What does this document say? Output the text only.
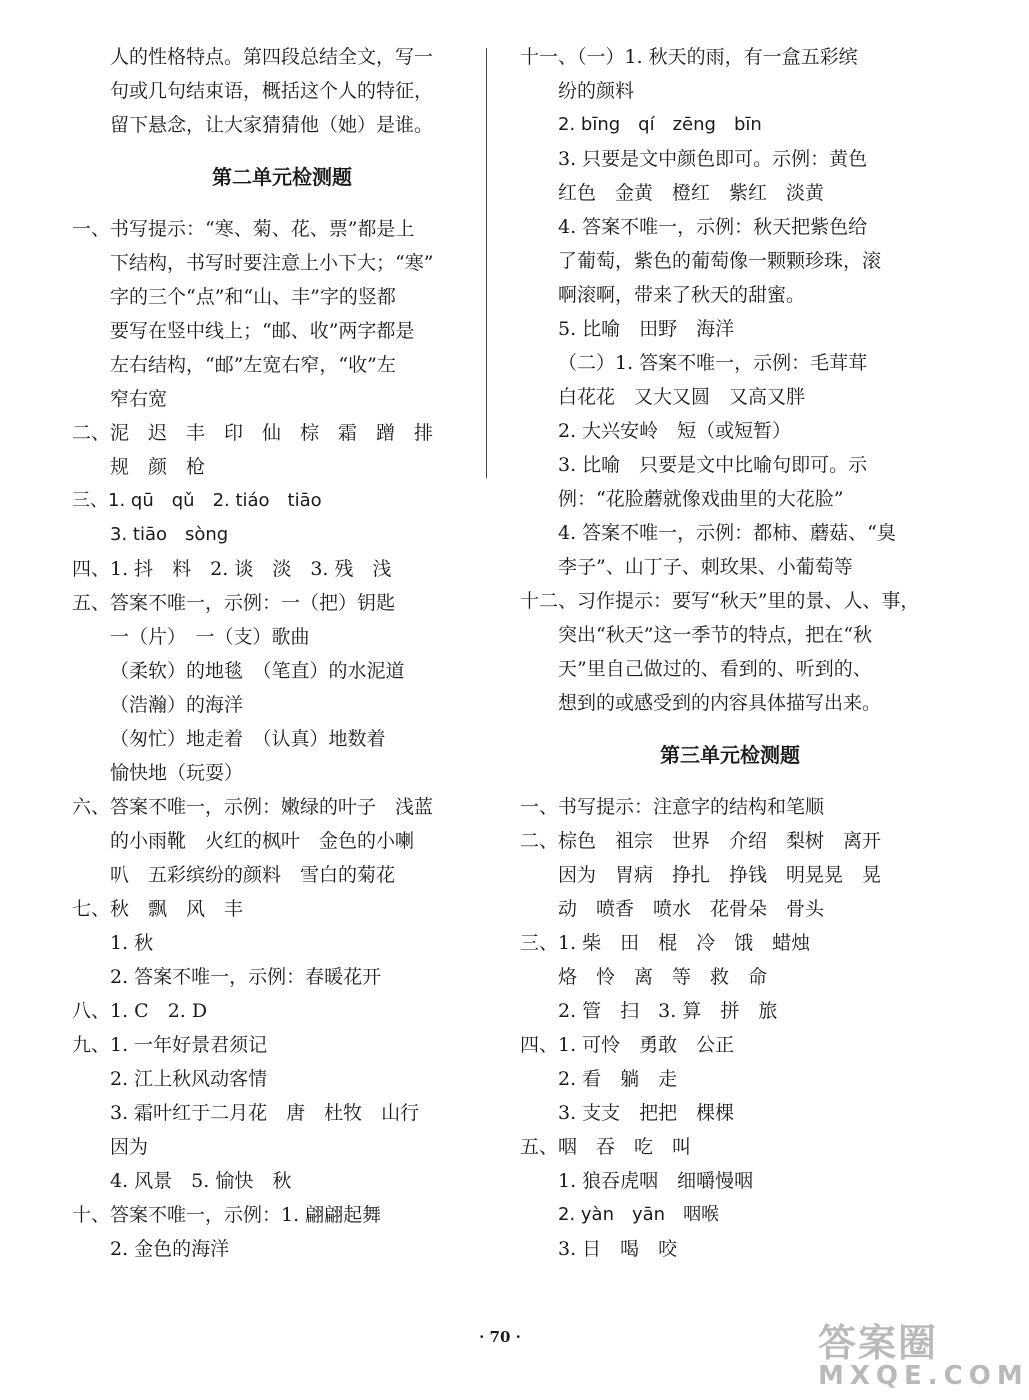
人的性格特点。第四段总结全文，写一
句或几句结束语，概括这个人的特征，
留下悬念，让大家猜猜他（她）是谁。
第二单元检测题
一、书写提示：“寒、菊、花、票”都是上
下结构，书写时要注意上小下大；“寒”
字的三个“点”和“山、丰”字的竖都
要写在竖中线上；“邮、收”两字都是
左右结构，“邮”左宽右窄，“收”左
窄右宽
二、泥　迟　丰　印　仙　棕　霜　蹭　排
规　颜　枪
三、1. qū　qǔ　2. tiáo　tiāo
3. tiāo　sòng
四、1. 抖　料　2. 谈　淡　3. 残　浅
五、答案不唯一，示例：一（把）钥匙
一（片）　一（支）歌曲
（柔软）的地毯　（笔直）的水泥道
（浩瀚）的海洋
（匆忙）地走着　（认真）地数着
愉快地（玩耍）
六、答案不唯一，示例：嫩绿的叶子　浅蓝
的小雨靴　火红的枫叶　金色的小喇
叭　五彩缤纷的颜料　雪白的菊花
七、秋　飘　风　丰
1. 秋
2. 答案不唯一，示例：春暖花开
八、1. C　2. D
九、1. 一年好景君须记
2. 江上秋风动客情
3. 霜叶红于二月花　唐　杜牧　山行
因为
4. 风景　5. 愉快　秋
十、答案不唯一，示例：1. 翩翩起舞
2. 金色的海洋
十一、（一）1. 秋天的雨，有一盒五彩缤
纷的颜料
2. bīng　qí　zēng　bīn
3. 只要是文中颜色即可。示例：黄色
红色　金黄　橙红　紫红　淡黄
4. 答案不唯一，示例：秋天把紫色给
了葡萄，紫色的葡萄像一颗颗珍珠，滚
啊滚啊，带来了秋天的甜蜜。
5. 比喻　田野　海洋
（二）1. 答案不唯一，示例：毛茸茸
白花花　又大又圆　又高又胖
2. 大兴安岭　短（或短暂）
3. 比喻　只要是文中比喻句即可。示
例：“花脸蘑就像戏曲里的大花脸”
4. 答案不唯一，示例：都柿、蘑菇、“臭
李子”、山丁子、刺玫果、小葡萄等
十二、习作提示：要写“秋天”里的景、人、事，
突出“秋天”这一季节的特点，把在“秋
天”里自己做过的、看到的、听到的、
想到的或感受到的内容具体描写出来。
第三单元检测题
一、书写提示：注意字的结构和笔顺
二、棕色　祖宗　世界　介绍　梨树　离开
因为　胃病　挣扎　挣钱　明晃晃　晃
动　喷香　喷水　花骨朵　骨头
三、1. 柴　田　棍　冷　饿　蜡烛
烙　怜　离　等　救　命
2. 管　扫　3. 算　拼　旅
四、1. 可怜　勇敢　公正
2. 看　躺　走
3. 支支　把把　棵棵
五、咽　吞　吃　叫
1. 狼吞虎咽　细嚼慢咽
2. yàn　yān　咽喉
3. 日　喝　咬
· 70 ·	答案圈
MXQE.COM
